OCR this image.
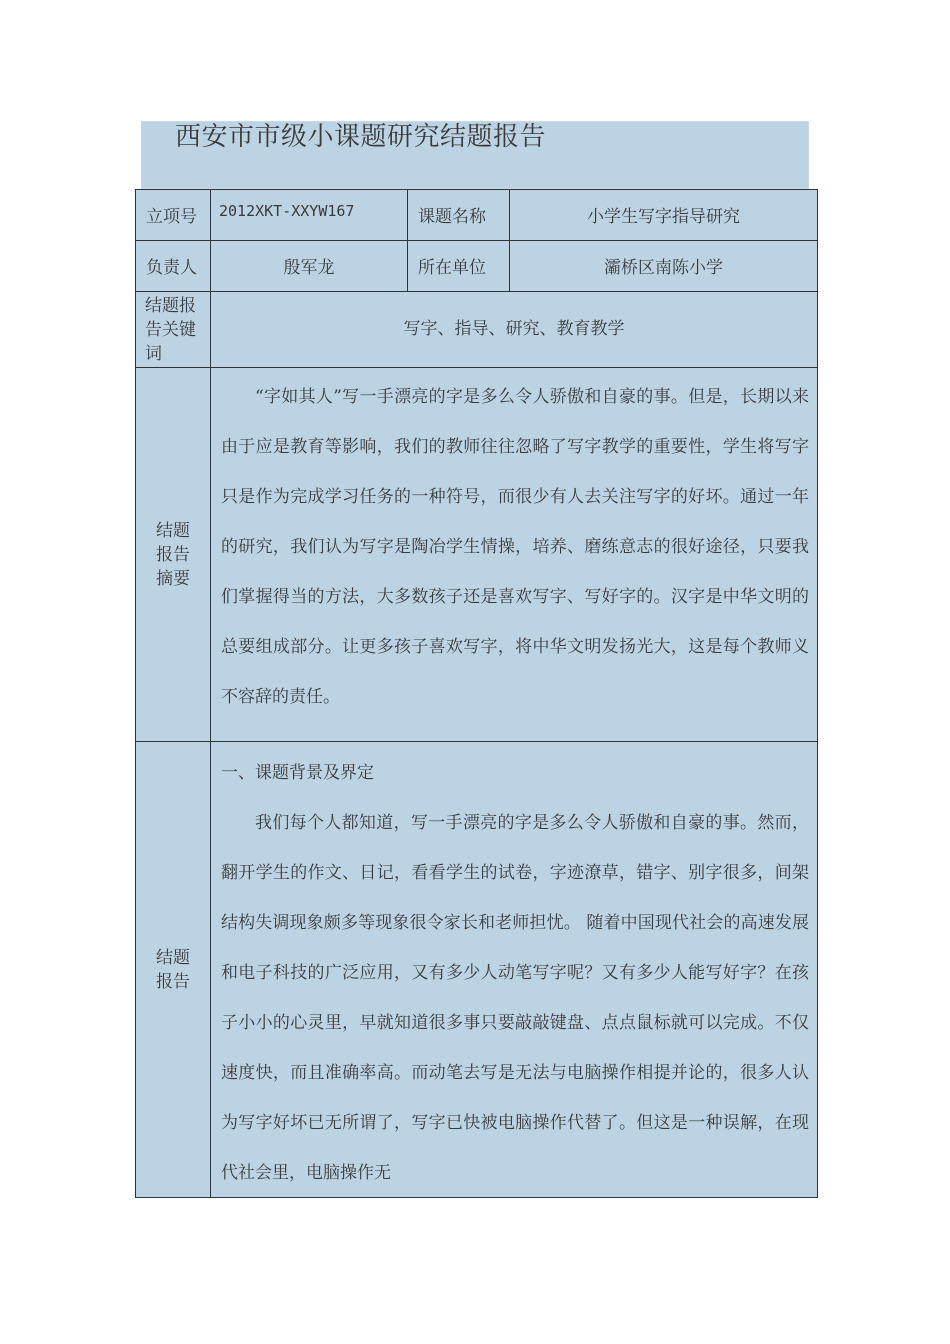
西安市市级小课题研究结题报告
立项号	2012XKT-XXYW167	课题名称	小学生写字指导研究

负责人	殷军龙	所在单位	灞桥区南陈小学

结题报告关键词	写字、指导、研究、教育教学		

结题报告摘要	“字如其人”写一手漂亮的字是多么令人骄傲和自豪的事。但是，长期以来由于应是教育等影响，我们的教师往往忽略了写字教学的重要性，学生将写字只是作为完成学习任务的一种符号，而很少有人去关注写字的好坏。通过一年的研究，我们认为写字是陶冶学生情操，培养、磨练意志的很好途径，只要我们掌握得当的方法，大多数孩子还是喜欢写字、写好字的。汉字是中华文明的总要组成部分。让更多孩子喜欢写字，将中华文明发扬光大，这是每个教师义不容辞的责任。		

结题报告	一、课题背景及界定

我们每个人都知道，写一手漂亮的字是多么令人骄傲和自豪的事。然而，翻开学生的作文、日记，看看学生的试卷，字迹潦草，错字、别字很多，间架结构失调现象颇多等现象很令家长和老师担忧。 随着中国现代社会的高速发展和电子科技的广泛应用，又有多少人动笔写字呢？又有多少人能写好字？在孩子小小的心灵里，早就知道很多事只要敲敲键盘、点点鼠标就可以完成。不仅速度快，而且准确率高。而动笔去写是无法与电脑操作相提并论的，很多人认为写字好坏已无所谓了，写字已快被电脑操作代替了。但这是一种误解，在现代社会里，电脑操作无		
